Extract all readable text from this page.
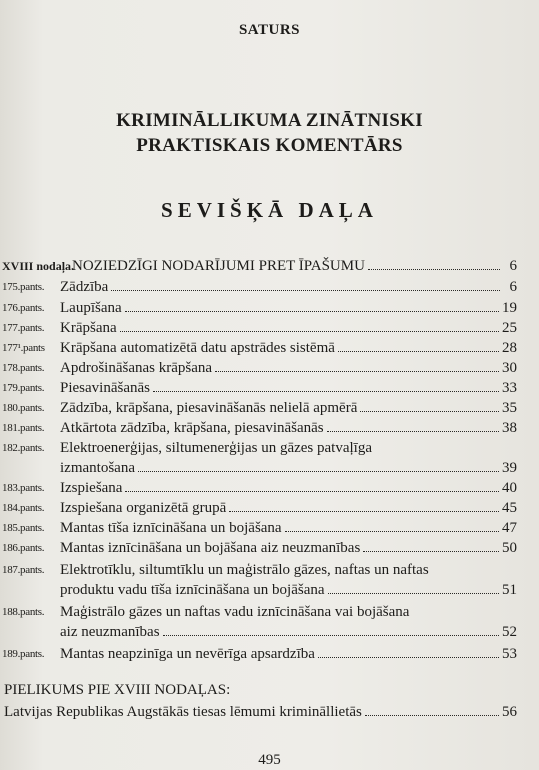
SATURS
KRIMINĀLLIKUMA ZINĀTNISKI
PRAKTISKAIS KOMENTĀRS
SEVIŠĶĀ DAĻA
XVIII nodaļa.
NOZIEDZĪGI NODARĪJUMI PRET ĪPAŠUMU	6
175.pants. Zādzība	6
176.pants. Laupīšana	19
177.pants. Krāpšana	25
177¹.pants Krāpšana automatizētā datu apstrādes sistēmā	28
178.pants. Apdrošināšanas krāpšana	30
179.pants. Piesavināšanās	33
180.pants. Zādzība, krāpšana, piesavināšanās nelielā apmērā	35
181.pants. Atkārtota zādzība, krāpšana, piesavināšanās	38
182.pants. Elektroenerģijas, siltumenerģijas un gāzes patvaļīga
izmantošana	39
183.pants. Izspiešana	40
184.pants. Izspiešana organizētā grupā	45
185.pants. Mantas tīša iznīcināšana un bojāšana	47
186.pants. Mantas iznīcināšana un bojāšana aiz neuzmanības	50
187.pants. Elektrotīklu, siltumtīklu un maģistrālo gāzes, naftas un naftas
produktu vadu tīša iznīcināšana un bojāšana	51
188.pants. Maģistrālo gāzes un naftas vadu iznīcināšana vai bojāšana
aiz neuzmanības	52
189.pants. Mantas neapzinīga un nevērīga apsardzība	53
PIELIKUMS PIE XVIII NODAĻAS:
Latvijas Republikas Augstākās tiesas lēmumi krimināllietās	56
495
